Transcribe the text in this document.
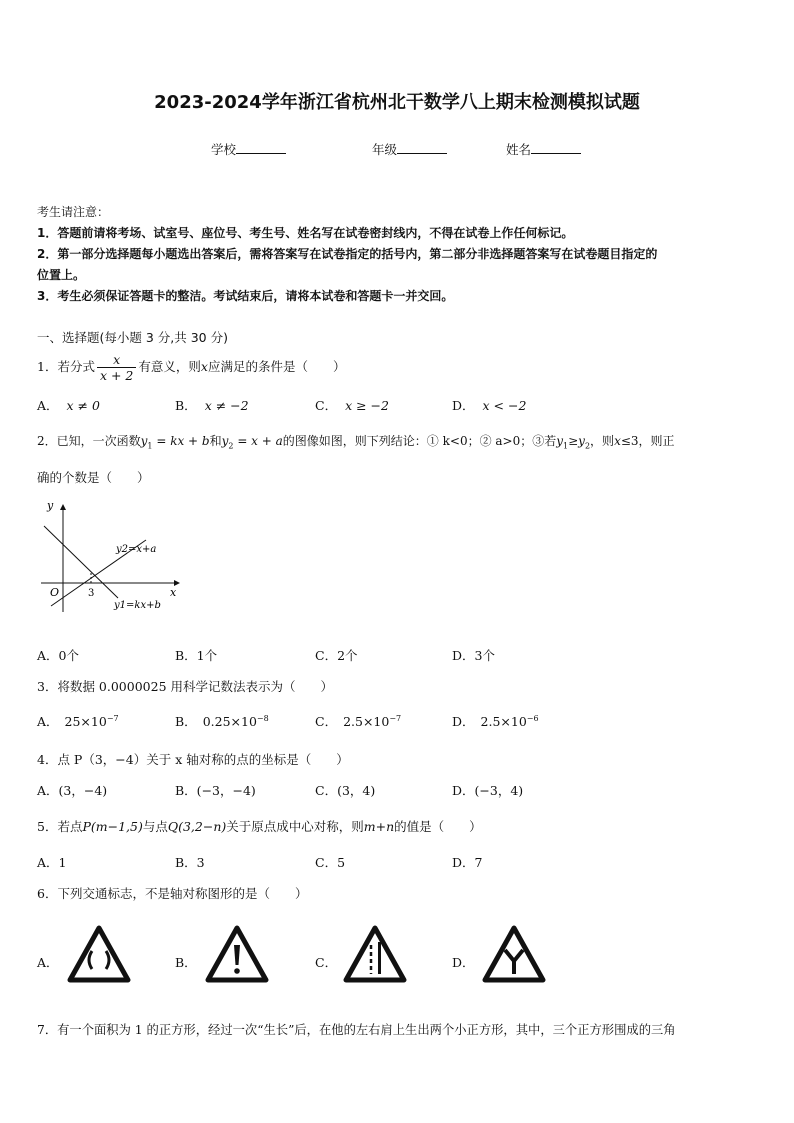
2023-2024学年浙江省杭州北干数学八上期末检测模拟试题
学校	年级	姓名
考生请注意：
1．答题前请将考场、试室号、座位号、考生号、姓名写在试卷密封线内，不得在试卷上作任何标记。
2．第一部分选择题每小题选出答案后，需将答案写在试卷指定的括号内，第二部分非选择题答案写在试卷题目指定的
位置上。
3．考生必须保证答题卡的整洁。考试结束后，请将本试卷和答题卡一并交回。
一、选择题(每小题 3 分,共 30 分)
1．若分式 $\frac{x}{x + 2}$ 有意义，则x应满足的条件是（　　）
A． x ≠ 0	B． x ≠ −2	C． x ≥ −2	D． x < −2
2．已知，一次函数$y_1$ = kx + b和$y_2 = x + a$的图像如图，则下列结论：① k<0；② a>0；③若$y_1\ge y_2$，则x≤3，则正
确的个数是（　　）
y
x
O	3
y2=x+a
y1=kx+b
A．0个	B．1个	C．2个	D．3个
3．将数据 0.0000025 用科学记数法表示为（　　）
A． $25\times 10^{-7}$	B． $0.25\times 10^{-8}$	C． $2.5\times 10^{-7}$	D． $2.5\times 10^{-6}$
4．点 P（3，−4）关于 x 轴对称的点的坐标是（　　）
A．(3，−4)	B．(−3，−4)	C．(3，4)	D．(−3，4)
5．若点P(m−1,5)与点Q(3,2−n)关于原点成中心对称，则m+n的值是（　　）
A．1	B．3	C．5	D．7
6．下列交通标志，不是轴对称图形的是（　　）
A．	B．	C．	D．
7．有一个面积为 1 的正方形，经过一次“生长”后，在他的左右肩上生出两个小正方形，其中，三个正方形围成的三角
